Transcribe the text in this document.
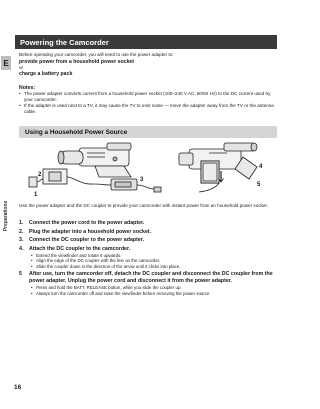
E
Preparations
16
Powering the Camcorder

Before operating your camcorder, you will need to use the power adapter to:

provide power from a household power socket

or

charge a battery pack

Notes:

• The power adapter converts current from a household power socket (100–240 V AC, 50/60 Hz) to the DC current used by your camcorder.

• If the adapter is used next to a TV, it may cause the TV to emit noise — move the adapter away from the TV or the antenna cable.

Using a Household Power Source
1
2
3
4
5

Use the power adapter and the DC coupler to provide your camcorder with instant power from an household power socket.

1. Connect the power cord to the power adapter.

2. Plug the adapter into a household power socket.

3. Connect the DC coupler to the power adapter.

4. Attach the DC coupler to the camcorder.

• Extend the viewfinder and rotate it upwards.

• Align the edge of the DC coupler with the line on the camcorder.

• Slide the coupler down in the direction of the arrow until it clicks into place.

5 After use, turn the camcorder off, detach the DC coupler and disconnect the DC coupler from the power adapter. Unplug the power cord and disconnect it from the power adapter.

• Press and hold the BATT. RELEASE button, while you slide the coupler up.

• Always turn the camcorder off and raise the viewfinder before removing the power source.
